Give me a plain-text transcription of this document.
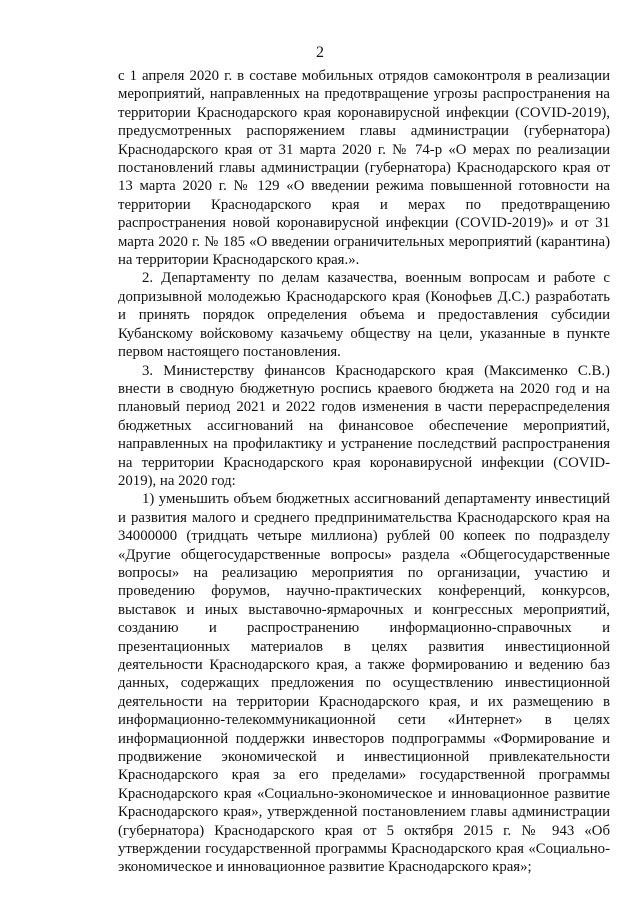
2

с 1 апреля 2020 г. в составе мобильных отрядов самоконтроля в реализации мероприятий, направленных на предотвращение угрозы распространения на территории Краснодарского края коронавирусной инфекции (COVID-2019), предусмотренных распоряжением главы администрации (губернатора) Краснодарского края от 31 марта 2020 г. № 74-р «О мерах по реализации постановлений главы администрации (губернатора) Краснодарского края от 13 марта 2020 г. № 129 «О введении режима повышенной готовности на территории Краснодарского края и мерах по предотвращению распространения новой коронавирусной инфекции (COVID-2019)» и от 31 марта 2020 г. № 185 «О введении ограничительных мероприятий (карантина) на территории Краснодарского края.».

2. Департаменту по делам казачества, военным вопросам и работе с допризывной молодежью Краснодарского края (Конофьев Д.С.) разработать и принять порядок определения объема и предоставления субсидии Кубанскому войсковому казачьему обществу на цели, указанные в пункте первом настоящего постановления.

3. Министерству финансов Краснодарского края (Максименко С.В.) внести в сводную бюджетную роспись краевого бюджета на 2020 год и на плановый период 2021 и 2022 годов изменения в части перераспределения бюджетных ассигнований на финансовое обеспечение мероприятий, направленных на профилактику и устранение последствий распространения на территории Краснодарского края коронавирусной инфекции (COVID-2019), на 2020 год:

1) уменьшить объем бюджетных ассигнований департаменту инвестиций и развития малого и среднего предпринимательства Краснодарского края на 34000000 (тридцать четыре миллиона) рублей 00 копеек по подразделу «Другие общегосударственные вопросы» раздела «Общегосударственные вопросы» на реализацию мероприятия по организации, участию и проведению форумов, научно-практических конференций, конкурсов, выставок и иных выставочно-ярмарочных и конгрессных мероприятий, созданию и распространению информационно-справочных и презентационных материалов в целях развития инвестиционной деятельности Краснодарского края, а также формированию и ведению баз данных, содержащих предложения по осуществлению инвестиционной деятельности на территории Краснодарского края, и их размещению в информационно-телекоммуникационной сети «Интернет» в целях информационной поддержки инвесторов подпрограммы «Формирование и продвижение экономической и инвестиционной привлекательности Краснодарского края за его пределами» государственной программы Краснодарского края «Социально-экономическое и инновационное развитие Краснодарского края», утвержденной постановлением главы администрации (губернатора) Краснодарского края от 5 октября 2015 г. № 943 «Об утверждении государственной программы Краснодарского края «Социально-экономическое и инновационное развитие Краснодарского края»;
